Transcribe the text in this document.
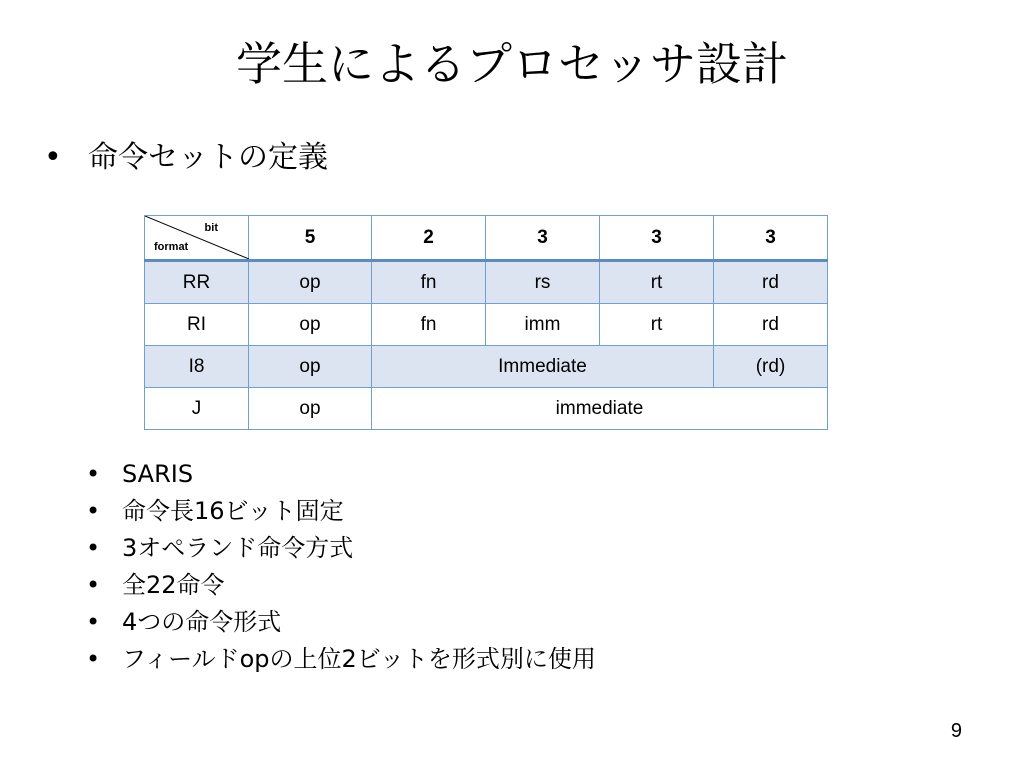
学生によるプロセッサ設計
• 命令セットの定義
bit
format	5	2	3	3	3
RR	op	fn	rs	rt	rd
RI	op	fn	imm	rt	rd
I8	op	Immediate			(rd)
J	op	immediate			
• SARIS
• 命令長16ビット固定
• 3オペランド命令方式
• 全22命令
• 4つの命令形式
• フィールドopの上位2ビットを形式別に使用
9
